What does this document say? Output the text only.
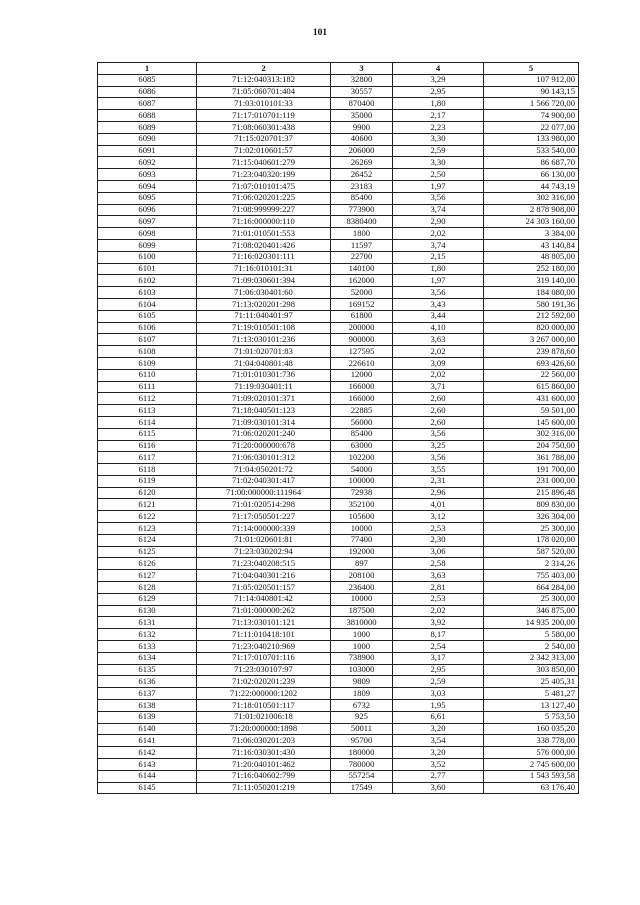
101
1	2	3	4	5
6085	71:12:040313:182	32800	3,29	107 912,00
6086	71:05:060701:404	30557	2,95	90 143,15
6087	71:03:010101:33	870400	1,80	1 566 720,00
6088	71:17:010701:119	35000	2,17	74 900,00
6089	71:08:060301:438	9900	2,23	22 077,00
6090	71:15:020701:37	40600	3,30	133 980,00
6091	71:02:010601:57	206000	2,59	533 540,00
6092	71:15:040601:279	26269	3,30	86 687,70
6093	71:23:040320:199	26452	2,50	66 130,00
6094	71:07:010101:475	23183	1,97	44 743,19
6095	71:06:020201:225	85400	3,56	302 316,00
6096	71:08:999999:227	773900	3,74	2 878 908,00
6097	71:16:000000:110	8380400	2,90	24 303 160,00
6098	71:01:010501:553	1800	2,02	3 384,00
6099	71:08:020401:426	11597	3,74	43 140,84
6100	71:16:020301:111	22700	2,15	48 805,00
6101	71:16:010101:31	140100	1,80	252 180,00
6102	71:09:030601:394	162000	1,97	319 140,00
6103	71:06:030401:60	52000	3,56	184 080,00
6104	71:13:020201:298	169152	3,43	580 191,36
6105	71:11:040401:97	61800	3,44	212 592,00
6106	71:19:010501:108	200000	4,10	820 000,00
6107	71:13:030101:236	900000	3,63	3 267 000,00
6108	71:01:020701:83	127595	2,02	239 878,60
6109	71:04:040801:48	226610	3,09	693 426,60
6110	71:01:010301:736	12000	2,02	22 560,00
6111	71:19:030401:11	166000	3,71	615 860,00
6112	71:09:020101:371	166000	2,60	431 600,00
6113	71:18:040501:123	22885	2,60	59 501,00
6114	71:09:030101:314	56000	2,60	145 600,00
6115	71:06:020201:240	85400	3,56	302 316,00
6116	71:20:000000:678	63000	3,25	204 750,00
6117	71:06:030101:312	102200	3,56	361 788,00
6118	71:04:050201:72	54000	3,55	191 700,00
6119	71:02:040301:417	100000	2,31	231 000,00
6120	71:00:000000:111964	72938	2,96	215 896,48
6121	71:01:020514:298	352100	4,01	809 830,00
6122	71:17:050501:227	105600	3,12	326 304,00
6123	71:14:000000:339	10000	2,53	25 300,00
6124	71:01:020601:81	77400	2,30	178 020,00
6125	71:23:030202:94	192000	3,06	587 520,00
6126	71:23:040208:515	897	2,58	2 314,26
6127	71:04:040301:216	208100	3,63	755 403,00
6128	71:05:020501:157	236400	2,81	664 284,00
6129	71:14:040801:42	10000	2,53	25 300,00
6130	71:01:000000:262	187500	2,02	346 875,00
6131	71:13:030101:121	3810000	3,92	14 935 200,00
6132	71:11:010418:101	1000	8,17	5 580,00
6133	71:23:040210:969	1000	2,54	2 540,00
6134	71:17:010701:116	738900	3,17	2 342 313,00
6135	71:23:030107:97	103000	2,95	303 850,00
6136	71:02:020201:239	9809	2,59	25 405,31
6137	71:22:000000:1202	1809	3,03	5 481,27
6138	71:18:010501:117	6732	1,95	13 127,40
6139	71:01:021006:18	925	6,61	5 753,50
6140	71:20:000000:1898	50011	3,20	160 035,20
6141	71:06:030201:203	95700	3,54	338 778,00
6142	71:16:030301:430	180000	3,20	576 000,00
6143	71:20:040101:462	780000	3,52	2 745 600,00
6144	71:16:040602:799	557254	2,77	1 543 593,58
6145	71:11:050201:219	17549	3,60	63 176,40
